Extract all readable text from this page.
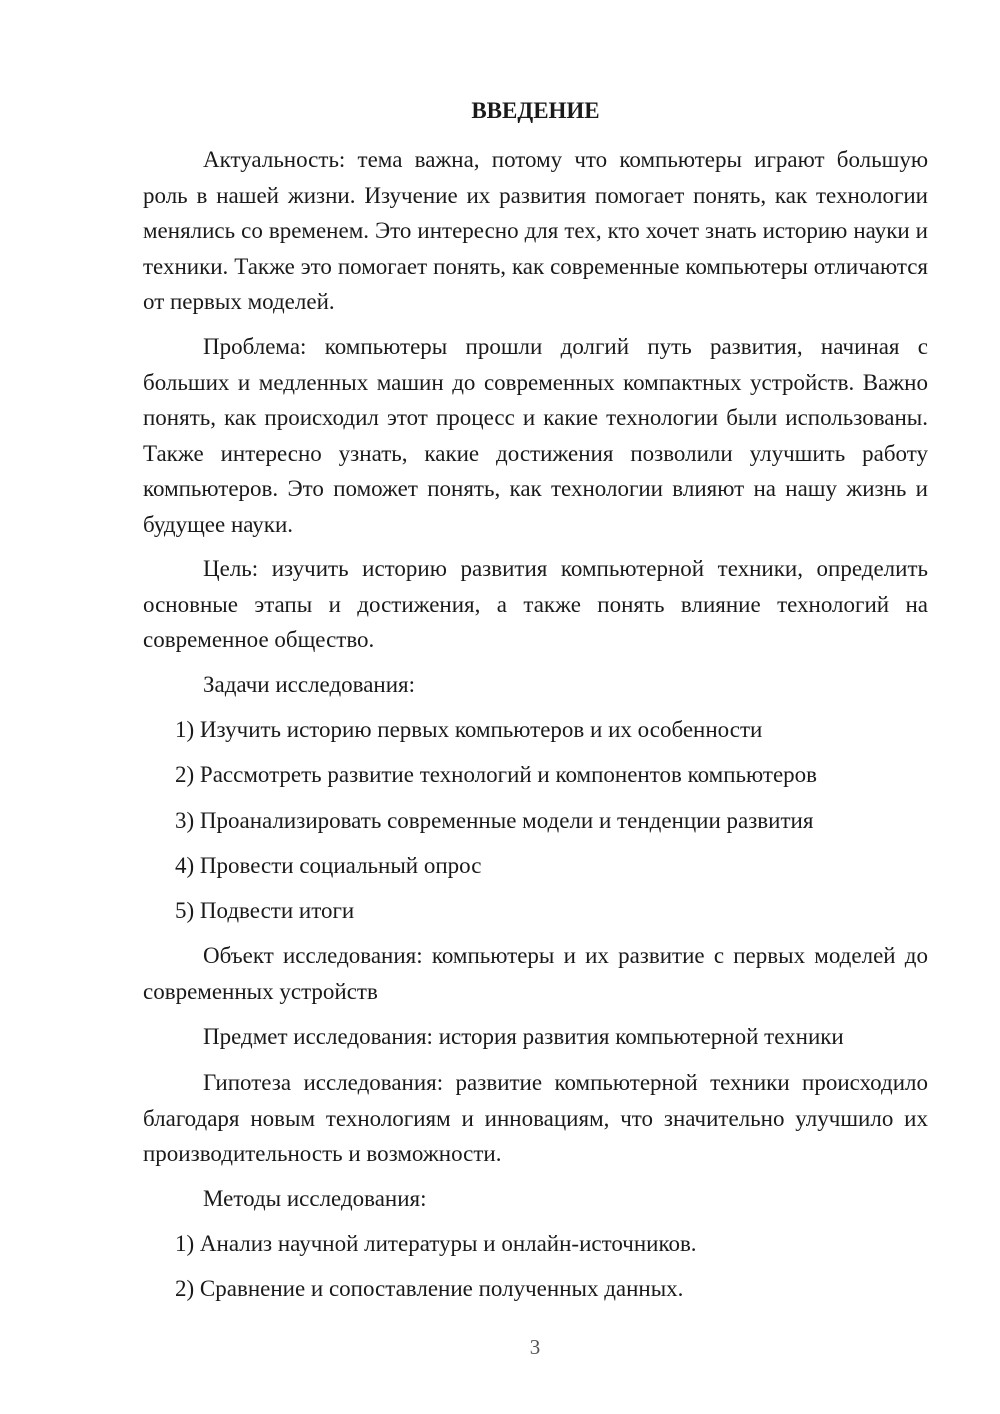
ВВЕДЕНИЕ

Актуальность: тема важна, потому что компьютеры играют большую роль в нашей жизни. Изучение их развития помогает понять, как технологии менялись со временем. Это интересно для тех, кто хочет знать историю науки и техники. Также это помогает понять, как современные компьютеры отличаются от первых моделей.

Проблема: компьютеры прошли долгий путь развития, начиная с больших и медленных машин до современных компактных устройств. Важно понять, как происходил этот процесс и какие технологии были использованы. Также интересно узнать, какие достижения позволили улучшить работу компьютеров. Это поможет понять, как технологии влияют на нашу жизнь и будущее науки.

Цель: изучить историю развития компьютерной техники, определить основные этапы и достижения, а также понять влияние технологий на современное общество.

Задачи исследования:

1) Изучить историю первых компьютеров и их особенности

2) Рассмотреть развитие технологий и компонентов компьютеров

3) Проанализировать современные модели и тенденции развития

4) Провести социальный опрос

5) Подвести итоги

Объект исследования: компьютеры и их развитие с первых моделей до современных устройств

Предмет исследования: история развития компьютерной техники

Гипотеза исследования: развитие компьютерной техники происходило благодаря новым технологиям и инновациям, что значительно улучшило их производительность и возможности.

Методы исследования:

1) Анализ научной литературы и онлайн-источников.

2) Сравнение и сопоставление полученных данных.

3
